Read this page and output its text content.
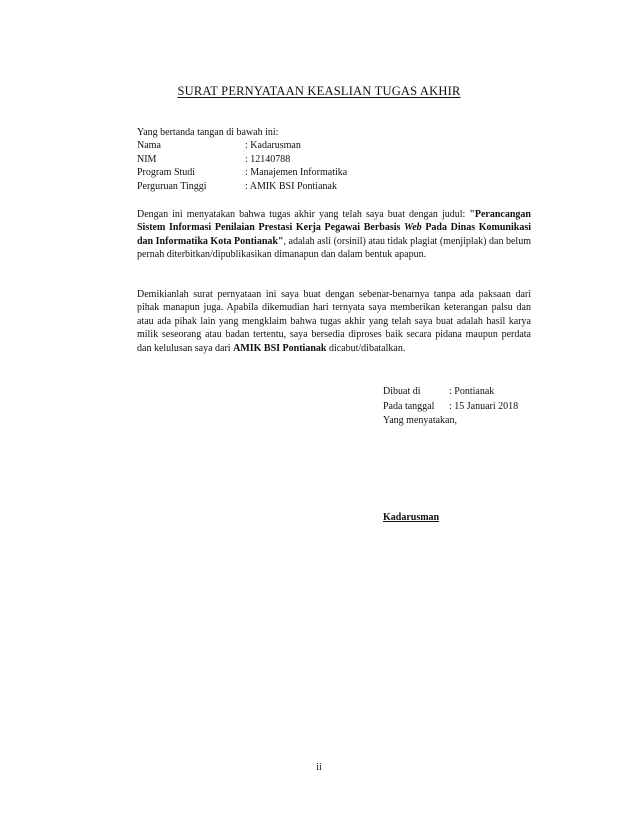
SURAT PERNYATAAN KEASLIAN TUGAS AKHIR
Yang bertanda tangan di bawah ini:
Nama	: Kadarusman
NIM	: 12140788
Program Studi	: Manajemen Informatika
Perguruan Tinggi	: AMIK BSI Pontianak
Dengan ini menyatakan bahwa tugas akhir yang telah saya buat dengan judul: "Perancangan Sistem Informasi Penilaian Prestasi Kerja Pegawai Berbasis Web Pada Dinas Komunikasi dan Informatika Kota Pontianak", adalah asli (orsinil) atau tidak plagiat (menjiplak) dan belum pernah diterbitkan/dipublikasikan dimanapun dan dalam bentuk apapun.
Demikianlah surat pernyataan ini saya buat dengan sebenar-benarnya tanpa ada paksaan dari pihak manapun juga. Apabila dikemudian hari ternyata saya memberikan keterangan palsu dan atau ada pihak lain yang mengklaim bahwa tugas akhir yang telah saya buat adalah hasil karya milik seseorang atau badan tertentu, saya bersedia diproses baik secara pidana maupun perdata dan kelulusan saya dari AMIK BSI Pontianak dicabut/dibatalkan.
Dibuat di	: Pontianak
Pada tanggal	: 15 Januari 2018
Yang menyatakan,
Kadarusman
ii
